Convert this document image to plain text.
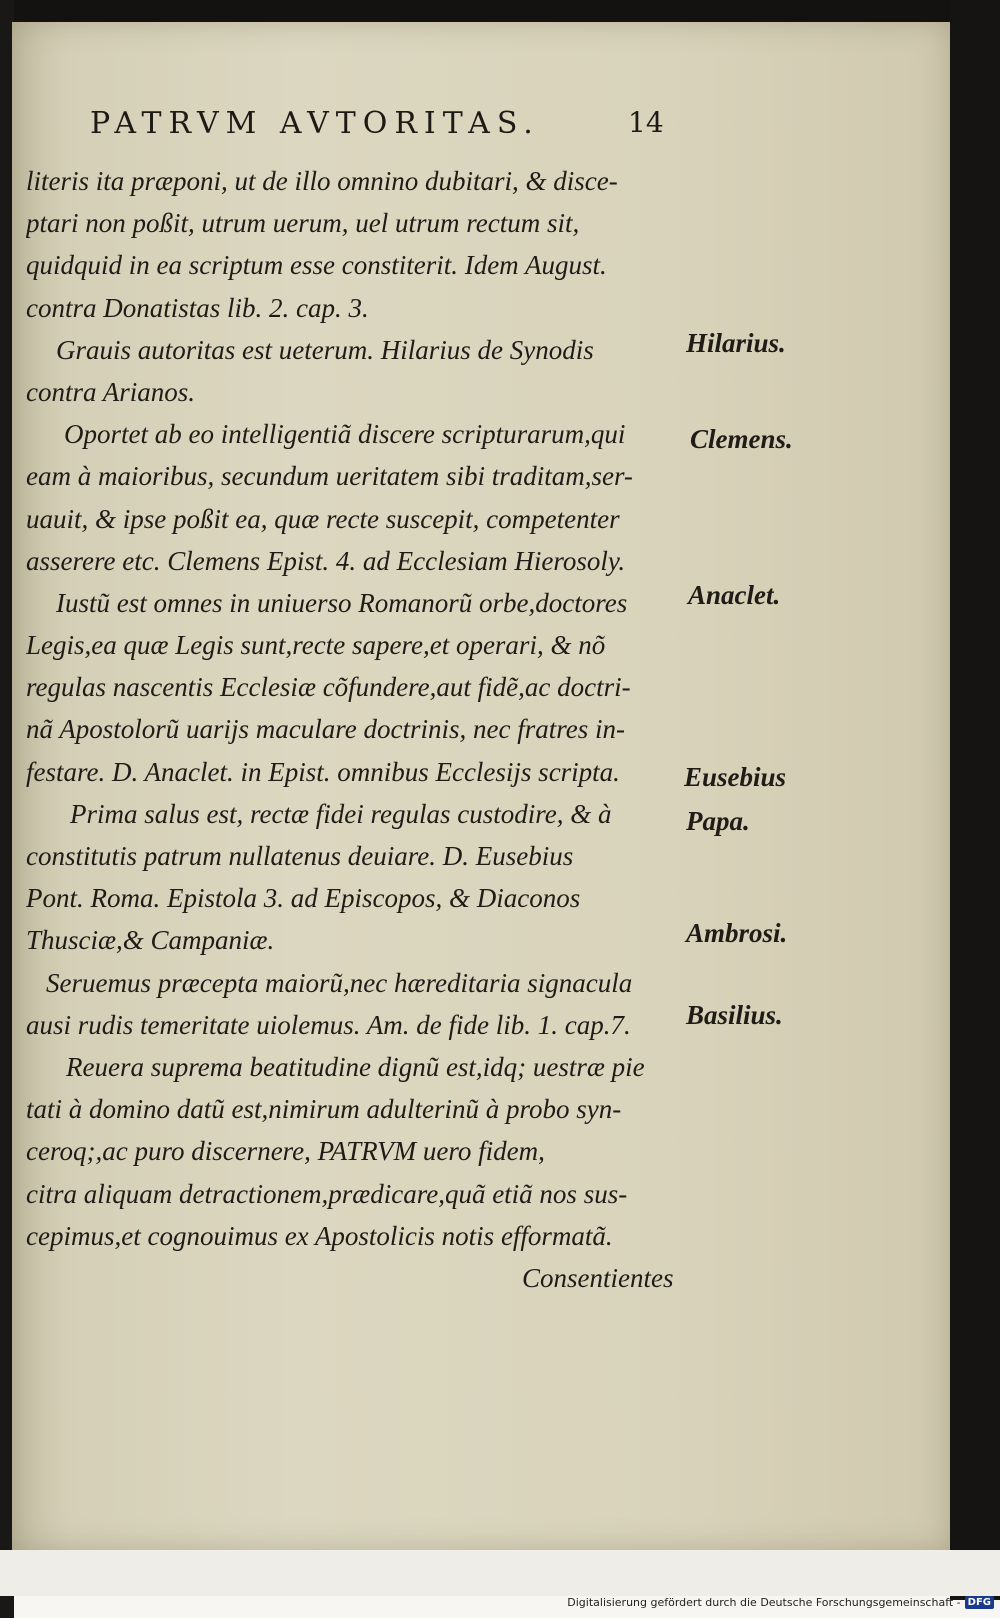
PATRVM AVTORITAS.	14
literis ita præponi, ut de illo omnino dubitari, & discе-
ptari non poßit, utrum uerum, uel utrum rectum sit,
quidquid in ea scriptum esse constiterit. Idem August.
contra Donatistas lib. 2. cap. 3.
Grauis autoritas est ueterum. Hilarius de Synodis
contra Arianos.
Oportet ab eo intelligentiã discere scripturarum,qui
eam à maioribus, secundum ueritatem sibi traditam,ser-
uauit, & ipse poßit ea, quæ recte suscepit, competenter
asserere etc. Clemens Epist. 4. ad Ecclesiam Hierosoly.
Iustũ est omnes in uniuerso Romanorũ orbe,doctores
Legis,ea quæ Legis sunt,recte sapere,et operari, & nõ
regulas nascentis Ecclesiæ cõfundere,aut fidẽ,ac doctri-
nã Apostolorũ uarijs maculare doctrinis, nec fratres in-
festare. D. Anaclet. in Epist. omnibus Ecclesijs scripta.
Prima salus est, rectæ fidei regulas custodire, & à
constitutis patrum nullatenus deuiare. D. Eusebius
Pont. Roma. Epistola 3. ad Episcopos, & Diaconos
Thusciæ,& Campaniæ.
Seruemus præcepta maiorũ,nec hæreditaria signacula
ausi rudis temeritate uiolemus. Am. de fide lib. 1. cap.7.
Reuera suprema beatitudine dignũ est,idq; uestræ pie
tati à domino datũ est,nimirum adulterinũ à probo syn-
ceroq;,ac puro discernere, PATRVM uero fidem,
citra aliquam detractionem,prædicare,quã etiã nos sus-
cepimus,et cognouimus ex Apostolicis notis efformatã.
Consentientes
Hilarius.
Clemens.
Anaclet.
Eusebius
Papa.
Ambrosi.
Basilius.
Digitalisierung gefördert durch die Deutsche Forschungsgemeinschaft - DFG
